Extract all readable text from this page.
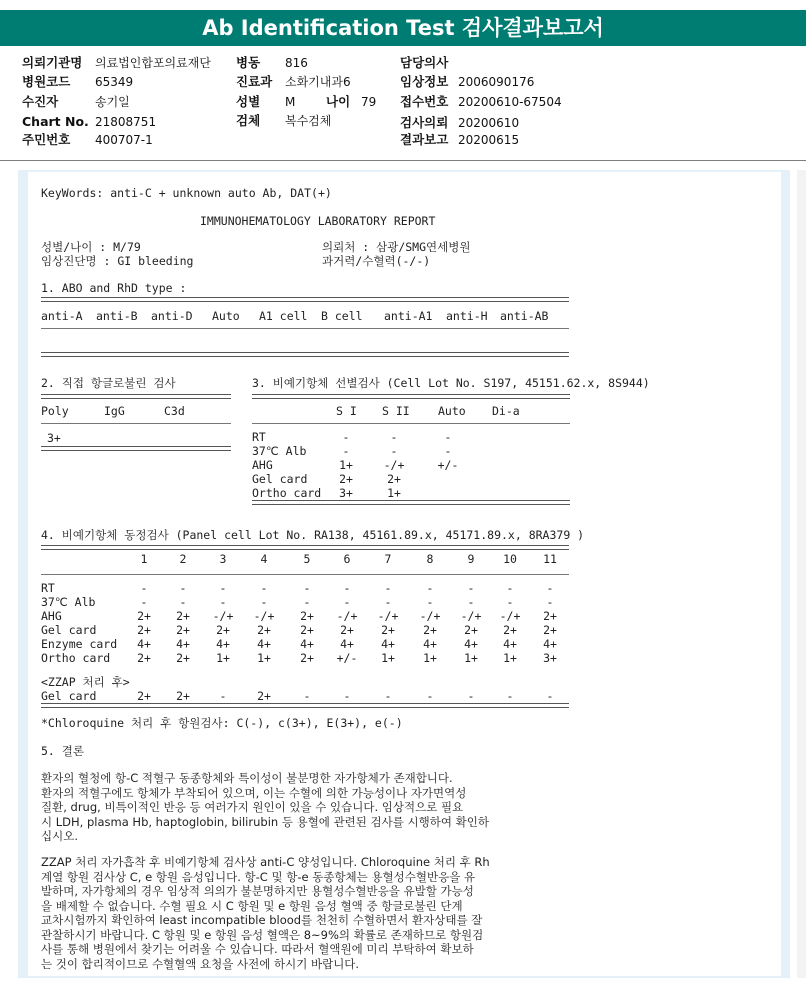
Ab Identification Test 검사결과보고서
의뢰기관명 의료법인합포의료재단
병원코드 65349
수진자	송기일
Chart No. 21808751
주민번호 400707-1
병동 816
진료과 소화기내과6
성별 M 나이 79
검체 복수검체
담당의사
임상정보 2006090176
접수번호 20200610-67504
검사의뢰 20200610
결과보고 20200615
KeyWords: anti-C + unknown auto Ab, DAT(+)
IMMUNOHEMATOLOGY LABORATORY REPORT
성별/나이 : M/79
임상진단명 : GI bleeding
의뢰처 : 삼광/SMG연세병원
과거력/수혈력(-/-)
1. ABO and RhD type :
anti-A anti-B anti-D Auto A1 cell B cell anti-A1 anti-H anti-AB
2. 직접 항글로불린 검사
Poly	IgG	C3d
3+
3. 비예기항체 선별검사 (Cell Lot No. S197, 45151.62.x, 8S944)
S I S II Auto Di-a
RT	-	-	-
37℃ Alb	-	-	-
AHG	1+	-/+	+/-
Gel card	2+	2+
Ortho card	3+	1+
4. 비예기항체 동정검사 (Panel cell Lot No. RA138, 45161.89.x, 45171.89.x, 8RA379 )
1	2	3	4	5	6	7	8	9	10	11
RT	-	-	-	-	-	-	-	-	-	-	-
37℃ Alb	-	-	-	-	-	-	-	-	-	-	-
AHG	2+	2+	-/+	-/+	2+	-/+	-/+	-/+	-/+	-/+	2+
Gel card	2+	2+	2+	2+	2+	2+	2+	2+	2+	2+	2+
Enzyme card	4+	4+	4+	4+	4+	4+	4+	4+	4+	4+	4+
Ortho card	2+	2+	1+	1+	2+	+/-	1+	1+	1+	1+	3+
<ZZAP 처리 후>
Gel card	2+	2+	-	2+	-	-	-	-	-	-	-
*Chloroquine 처리 후 항원검사: C(-), c(3+), E(3+), e(-)
5. 결론
환자의 혈청에 항-C 적혈구 동종항체와 특이성이 불분명한 자가항체가 존재합니다.
환자의 적혈구에도 항체가 부착되어 있으며, 이는 수혈에 의한 가능성이나 자가면역성
질환, drug, 비특이적인 반응 등 여러가지 원인이 있을 수 있습니다. 임상적으로 필요
시 LDH, plasma Hb, haptoglobin, bilirubin 등 용혈에 관련된 검사를 시행하여 확인하
십시오.
ZZAP 처리 자가흡착 후 비예기항체 검사상 anti-C 양성입니다. Chloroquine 처리 후 Rh
계열 항원 검사상 C, e 항원 음성입니다. 항-C 및 항-e 동종항체는 용혈성수혈반응을 유
발하며, 자가항체의 경우 임상적 의의가 불분명하지만 용혈성수혈반응을 유발할 가능성
을 배제할 수 없습니다. 수혈 필요 시 C 항원 및 e 항원 음성 혈액 중 항글로불린 단계
교차시험까지 확인하여 least incompatible blood를 천천히 수혈하면서 환자상태를 잘
관찰하시기 바랍니다. C 항원 및 e 항원 음성 혈액은 8~9%의 확률로 존재하므로 항원검
사를 통해 병원에서 찾기는 어려울 수 있습니다. 따라서 혈액원에 미리 부탁하여 확보하
는 것이 합리적이므로 수혈혈액 요청을 사전에 하시기 바랍니다.
